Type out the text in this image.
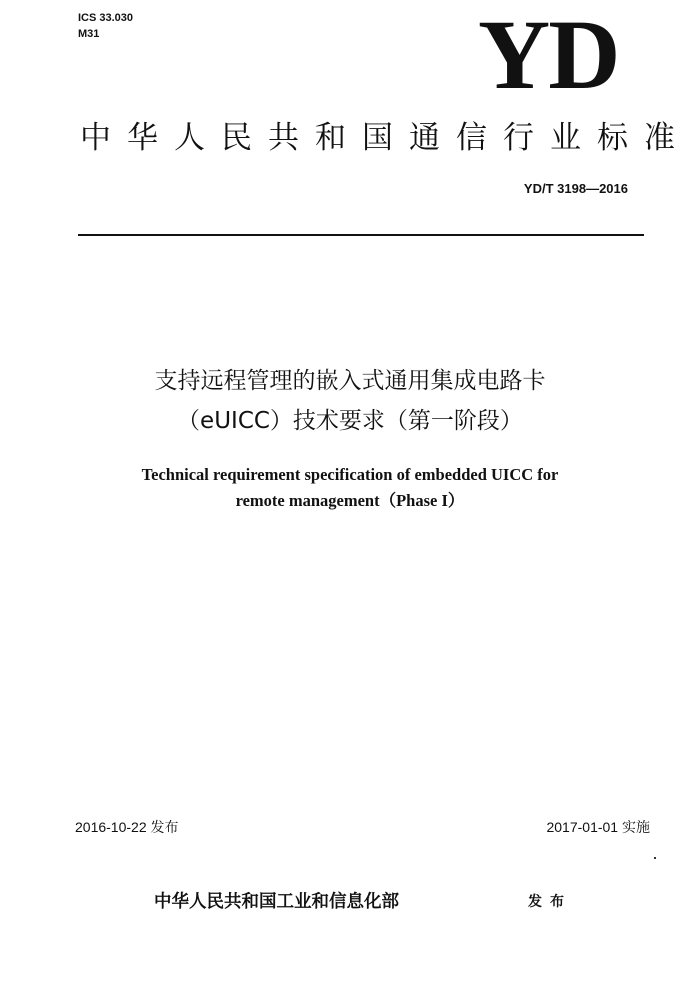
ICS 33.030
M31	YD
中华人民共和国通信行业标准
YD/T 3198—2016
支持远程管理的嵌入式通用集成电路卡
（eUICC）技术要求（第一阶段）
Technical requirement specification of embedded UICC for
remote management（Phase I）
2016-10-22 发布	2017-01-01 实施
中华人民共和国工业和信息化部	发布
